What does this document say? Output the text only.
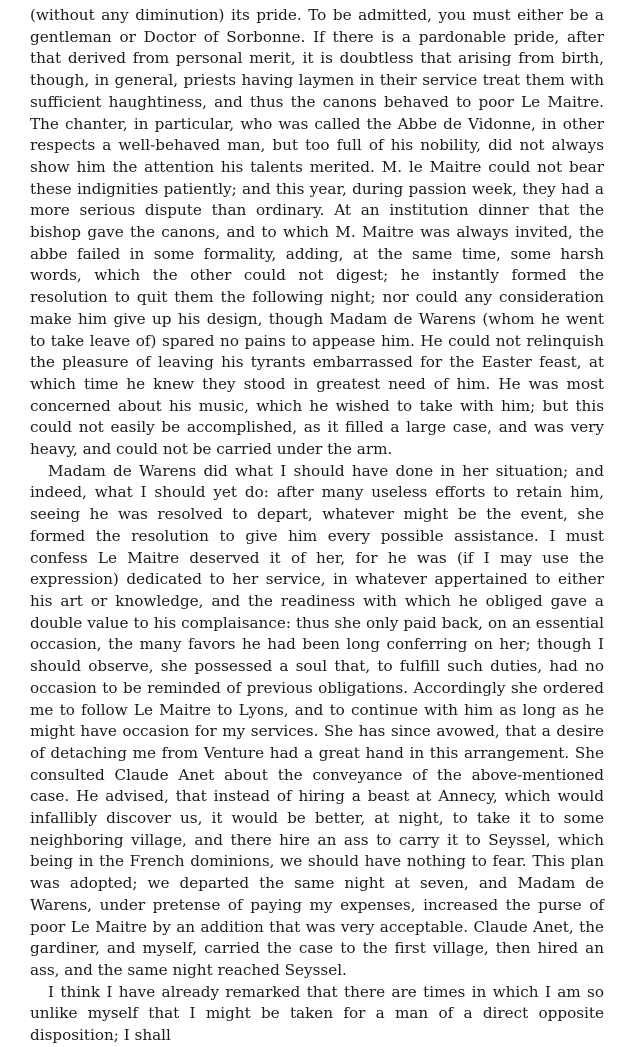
(without any diminution) its pride. To be admitted, you must either be a gentleman or Doctor of Sorbonne. If there is a pardonable pride, after that derived from personal merit, it is doubtless that arising from birth, though, in general, priests having laymen in their service treat them with sufficient haughtiness, and thus the canons behaved to poor Le Maitre. The chanter, in particular, who was called the Abbe de Vidonne, in other respects a well-behaved man, but too full of his nobility, did not always show him the attention his talents merited. M. le Maitre could not bear these indignities patiently; and this year, during passion week, they had a more serious dispute than ordinary. At an institution dinner that the bishop gave the canons, and to which M. Maitre was always invited, the abbe failed in some formality, adding, at the same time, some harsh words, which the other could not digest; he instantly formed the resolution to quit them the following night; nor could any consideration make him give up his design, though Madam de Warens (whom he went to take leave of) spared no pains to appease him. He could not relinquish the pleasure of leaving his tyrants embarrassed for the Easter feast, at which time he knew they stood in greatest need of him. He was most concerned about his music, which he wished to take with him; but this could not easily be accomplished, as it filled a large case, and was very heavy, and could not be carried under the arm.

Madam de Warens did what I should have done in her situation; and indeed, what I should yet do: after many useless efforts to retain him, seeing he was resolved to depart, whatever might be the event, she formed the resolution to give him every possible assistance. I must confess Le Maitre deserved it of her, for he was (if I may use the expression) dedicated to her service, in whatever appertained to either his art or knowledge, and the readiness with which he obliged gave a double value to his complaisance: thus she only paid back, on an essential occasion, the many favors he had been long conferring on her; though I should observe, she possessed a soul that, to fulfill such duties, had no occasion to be reminded of previous obligations. Accordingly she ordered me to follow Le Maitre to Lyons, and to continue with him as long as he might have occasion for my services. She has since avowed, that a desire of detaching me from Venture had a great hand in this arrangement. She consulted Claude Anet about the conveyance of the above-mentioned case. He advised, that instead of hiring a beast at Annecy, which would infallibly discover us, it would be better, at night, to take it to some neighboring village, and there hire an ass to carry it to Seyssel, which being in the French dominions, we should have nothing to fear. This plan was adopted; we departed the same night at seven, and Madam de Warens, under pretense of paying my expenses, increased the purse of poor Le Maitre by an addition that was very acceptable. Claude Anet, the gardiner, and myself, carried the case to the first village, then hired an ass, and the same night reached Seyssel.

I think I have already remarked that there are times in which I am so unlike myself that I might be taken for a man of a direct opposite disposition; I shall
